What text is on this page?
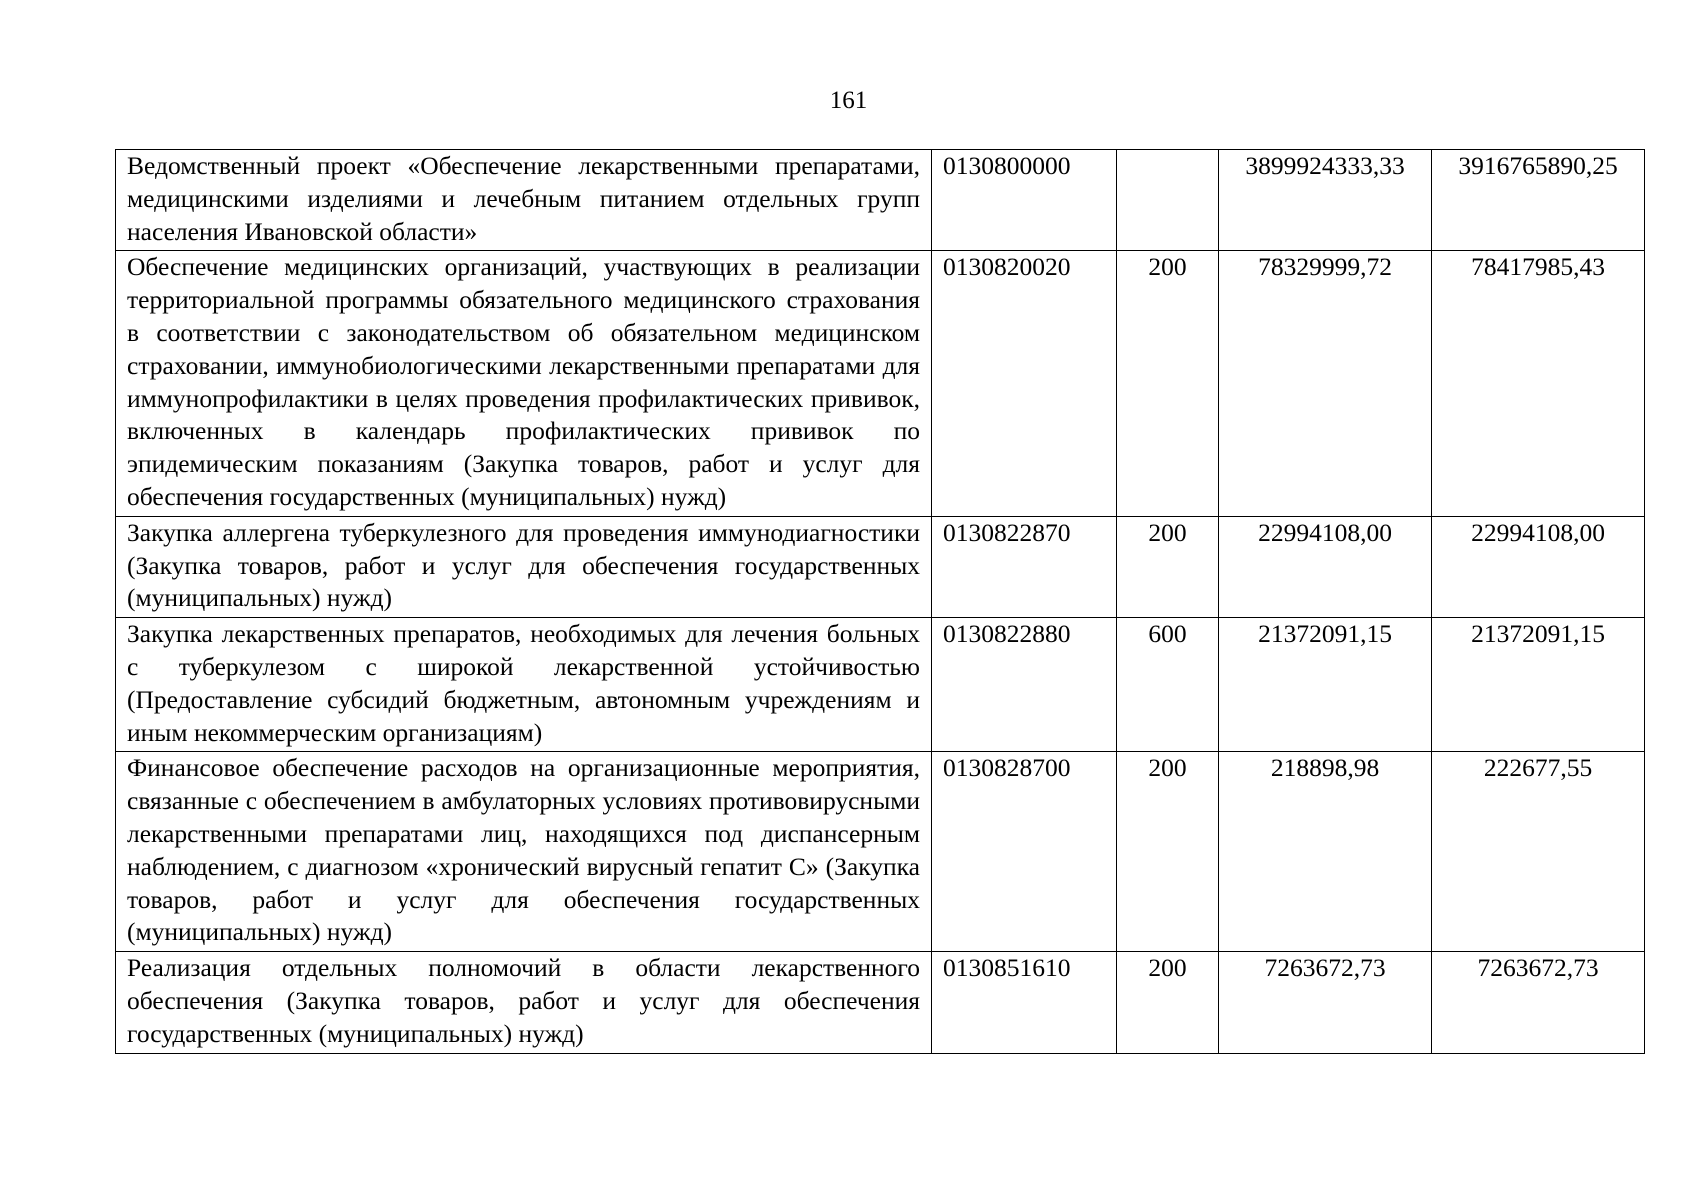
161
Ведомственный проект «Обеспечение лекарственными препаратами, медицинскими изделиями и лечебным питанием отдельных групп населения Ивановской области»	0130800000		3899924333,33	3916765890,25
Обеспечение медицинских организаций, участвующих в реализации территориальной программы обязательного медицинского страхования в соответствии с законодательством об обязательном медицинском страховании, иммунобиологическими лекарственными препаратами для иммунопрофилактики в целях проведения профилактических прививок, включенных в календарь профилактических прививок по эпидемическим показаниям (Закупка товаров, работ и услуг для обеспечения государственных (муниципальных) нужд)	0130820020	200	78329999,72	78417985,43
Закупка аллергена туберкулезного для проведения иммунодиагностики (Закупка товаров, работ и услуг для обеспечения государственных (муниципальных) нужд)	0130822870	200	22994108,00	22994108,00
Закупка лекарственных препаратов, необходимых для лечения больных с туберкулезом с широкой лекарственной устойчивостью (Предоставление субсидий бюджетным, автономным учреждениям и иным некоммерческим организациям)	0130822880	600	21372091,15	21372091,15
Финансовое обеспечение расходов на организационные мероприятия, связанные с обеспечением в амбулаторных условиях противовирусными лекарственными препаратами лиц, находящихся под диспансерным наблюдением, с диагнозом «хронический вирусный гепатит С» (Закупка товаров, работ и услуг для обеспечения государственных (муниципальных) нужд)	0130828700	200	218898,98	222677,55
Реализация отдельных полномочий в области лекарственного обеспечения (Закупка товаров, работ и услуг для обеспечения государственных (муниципальных) нужд)	0130851610	200	7263672,73	7263672,73
